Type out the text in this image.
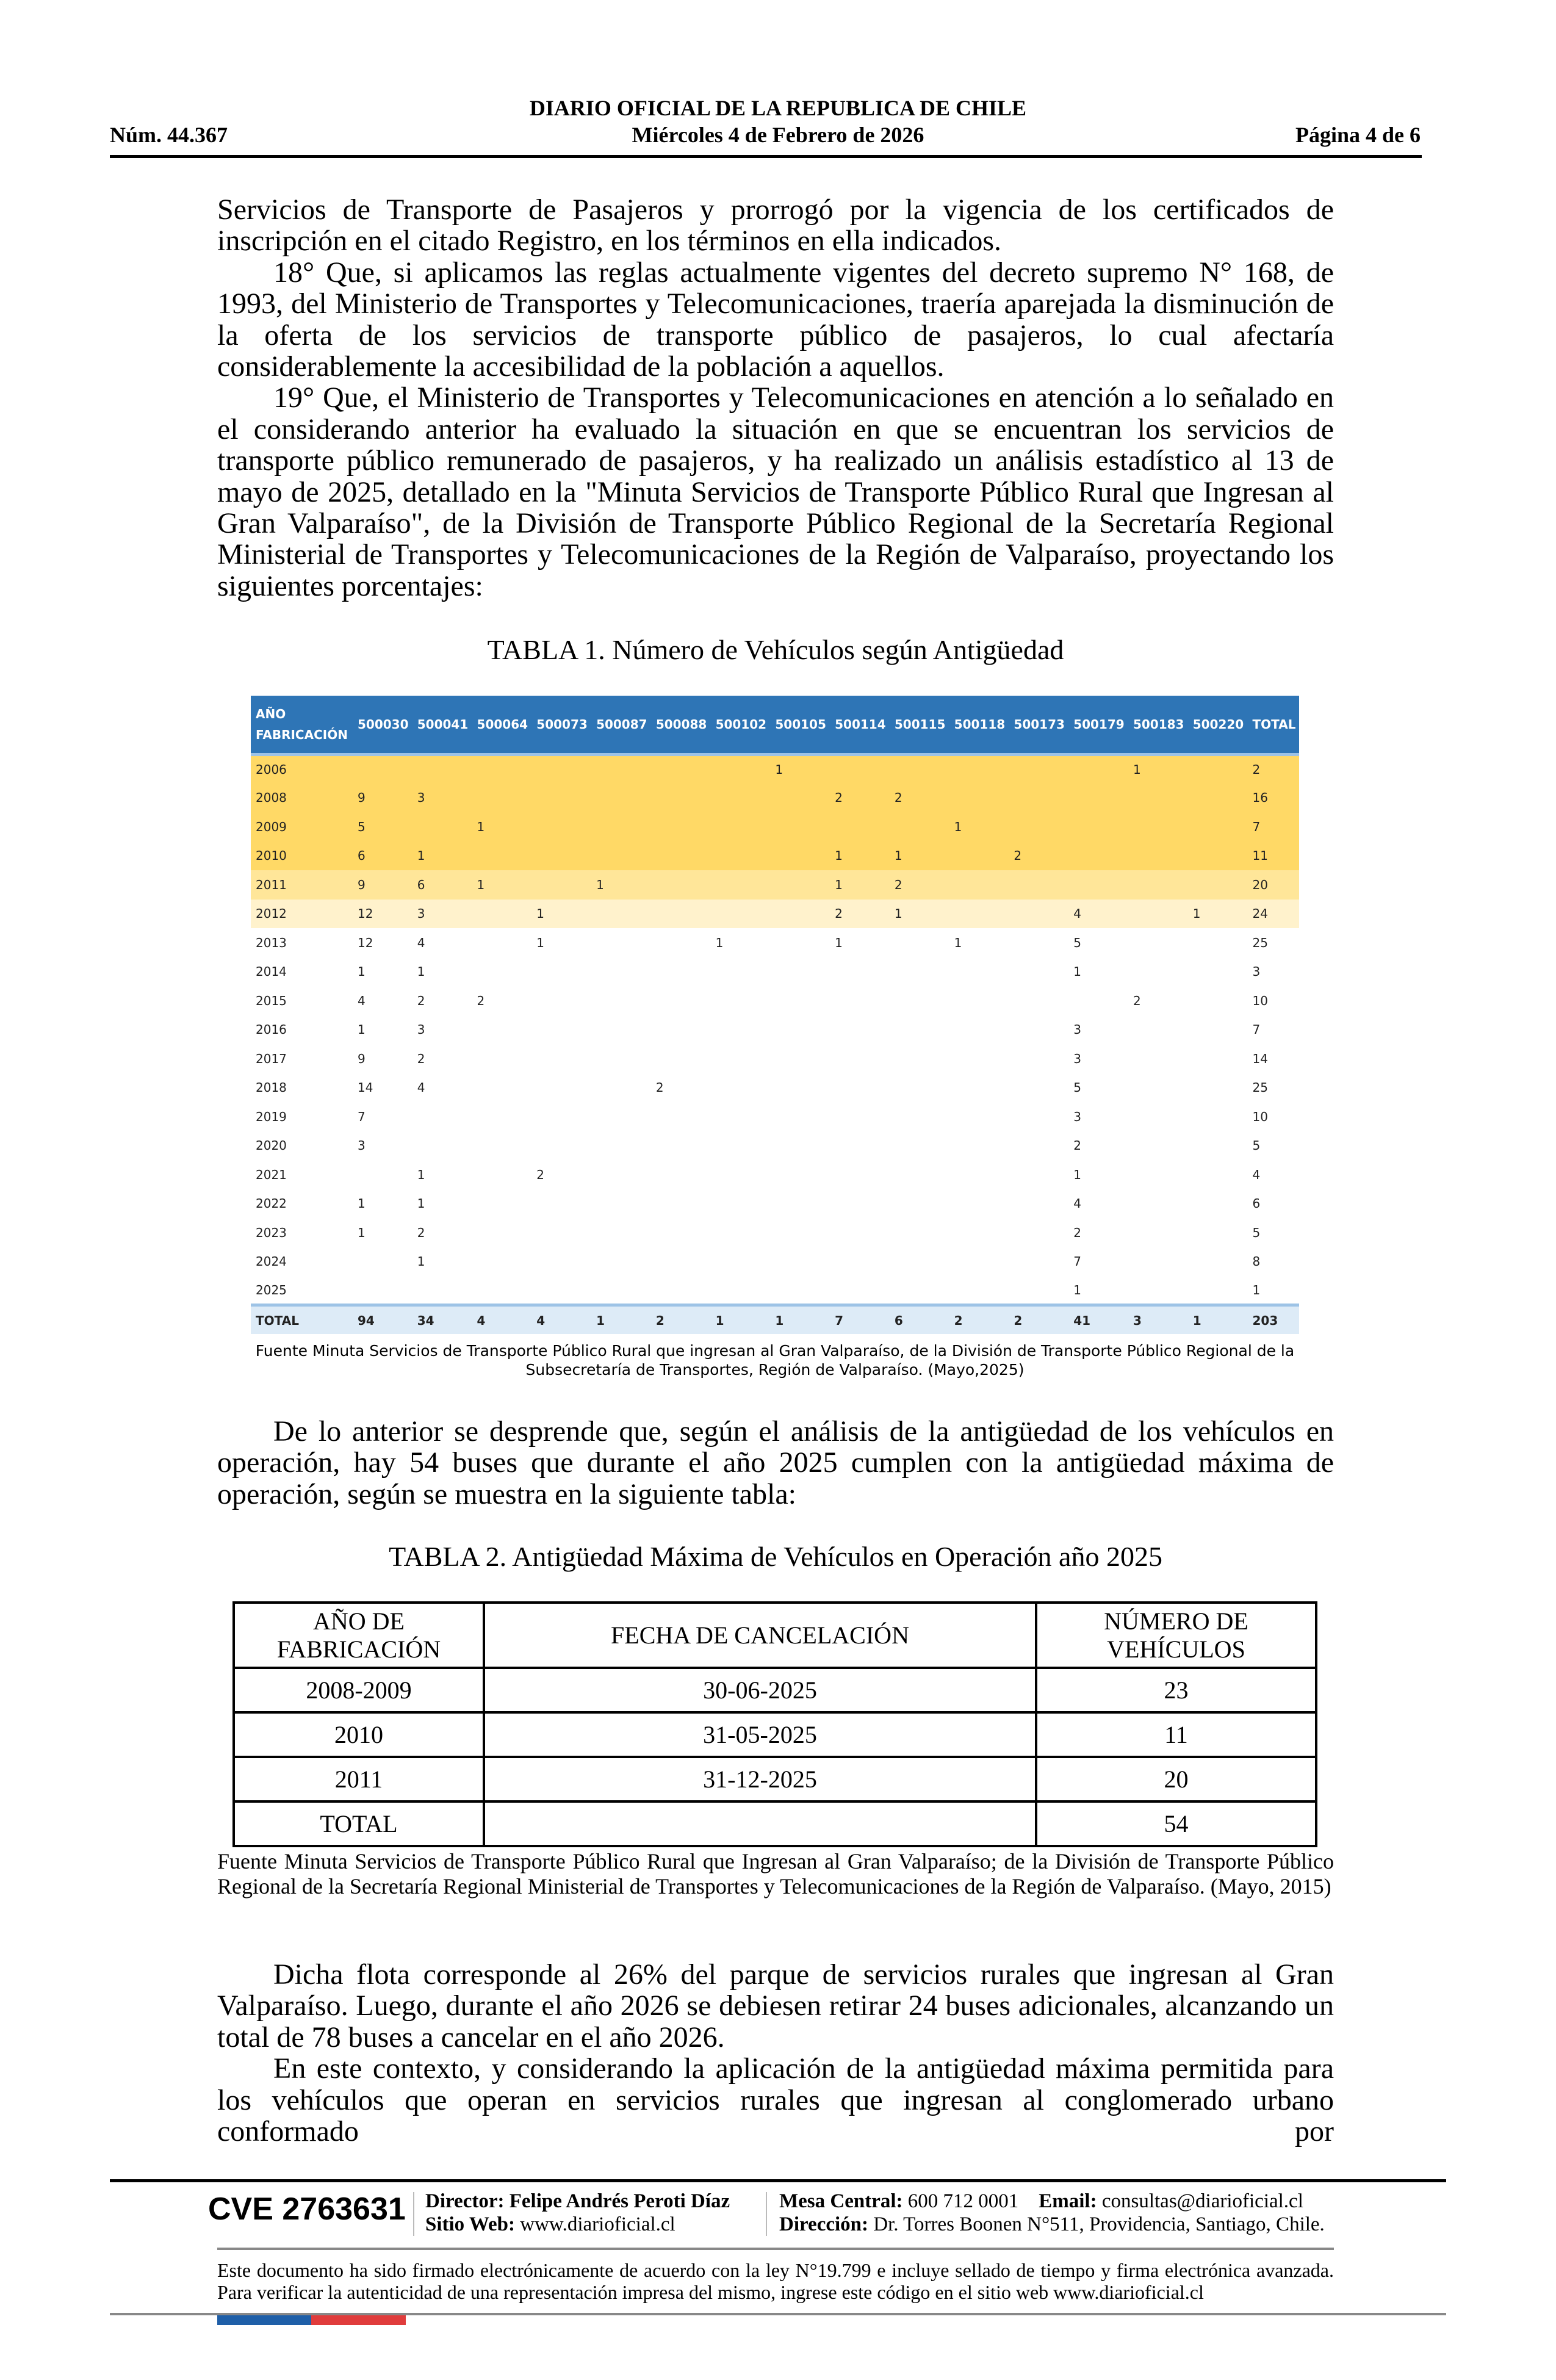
DIARIO OFICIAL DE LA REPUBLICA DE CHILE
Núm. 44.367	Miércoles 4 de Febrero de 2026	Página 4 de 6

Servicios de Transporte de Pasajeros y prorrogó por la vigencia de los certificados de inscripción en el citado Registro, en los términos en ella indicados.

18° Que, si aplicamos las reglas actualmente vigentes del decreto supremo N° 168, de 1993, del Ministerio de Transportes y Telecomunicaciones, traería aparejada la disminución de la oferta de los servicios de transporte público de pasajeros, lo cual afectaría considerablemente la accesibilidad de la población a aquellos.

19° Que, el Ministerio de Transportes y Telecomunicaciones en atención a lo señalado en el considerando anterior ha evaluado la situación en que se encuentran los servicios de transporte público remunerado de pasajeros, y ha realizado un análisis estadístico al 13 de mayo de 2025, detallado en la "Minuta Servicios de Transporte Público Rural que Ingresan al Gran Valparaíso", de la División de Transporte Público Regional de la Secretaría Regional Ministerial de Transportes y Telecomunicaciones de la Región de Valparaíso, proyectando los siguientes porcentajes:

TABLA 1. Número de Vehículos según Antigüedad
AÑO FABRICACIÓN	500030	500041	500064	500073	500087	500088	500102	500105	500114	500115	500118	500173	500179	500183	500220	TOTAL
2006								1						1		2
2008	9	3							2	2						16
2009	5		1								1					7
2010	6	1							1	1		2				11
2011	9	6	1		1				1	2						20
2012	12	3		1					2	1			4		1	24
2013	12	4		1			1		1		1		5			25
2014	1	1											1			3
2015	4	2	2											2		10
2016	1	3											3			7
2017	9	2											3			14
2018	14	4				2							5			25
2019	7												3			10
2020	3												2			5
2021		1		2									1			4
2022	1	1											4			6
2023	1	2											2			5
2024		1											7			8
2025													1			1
TOTAL	94	34	4	4	1	2	1	1	7	6	2	2	41	3	1	203
Fuente Minuta Servicios de Transporte Público Rural que ingresan al Gran Valparaíso, de la División de Transporte Público Regional de la Subsecretaría de Transportes, Región de Valparaíso. (Mayo,2025)

De lo anterior se desprende que, según el análisis de la antigüedad de los vehículos en operación, hay 54 buses que durante el año 2025 cumplen con la antigüedad máxima de operación, según se muestra en la siguiente tabla:

TABLA 2. Antigüedad Máxima de Vehículos en Operación año 2025
AÑO DE FABRICACIÓN	FECHA DE CANCELACIÓN	NÚMERO DE VEHÍCULOS
2008-2009	30-06-2025	23
2010	31-05-2025	11
2011	31-12-2025	20
TOTAL		54
Fuente Minuta Servicios de Transporte Público Rural que Ingresan al Gran Valparaíso; de la División de Transporte Público Regional de la Secretaría Regional Ministerial de Transportes y Telecomunicaciones de la Región de Valparaíso. (Mayo, 2015)

Dicha flota corresponde al 26% del parque de servicios rurales que ingresan al Gran Valparaíso. Luego, durante el año 2026 se debiesen retirar 24 buses adicionales, alcanzando un total de 78 buses a cancelar en el año 2026.

En este contexto, y considerando la aplicación de la antigüedad máxima permitida para los vehículos que operan en servicios rurales que ingresan al conglomerado urbano conformado por

CVE 2763631 Director: Felipe Andrés Peroti Díaz
Sitio Web: www.diarioficial.cl
Mesa Central: 600 712 0001 Email: consultas@diarioficial.cl
Dirección: Dr. Torres Boonen N°511, Providencia, Santiago, Chile.
Este documento ha sido firmado electrónicamente de acuerdo con la ley N°19.799 e incluye sellado de tiempo y firma electrónica avanzada. Para verificar la autenticidad de una representación impresa del mismo, ingrese este código en el sitio web www.diarioficial.cl
